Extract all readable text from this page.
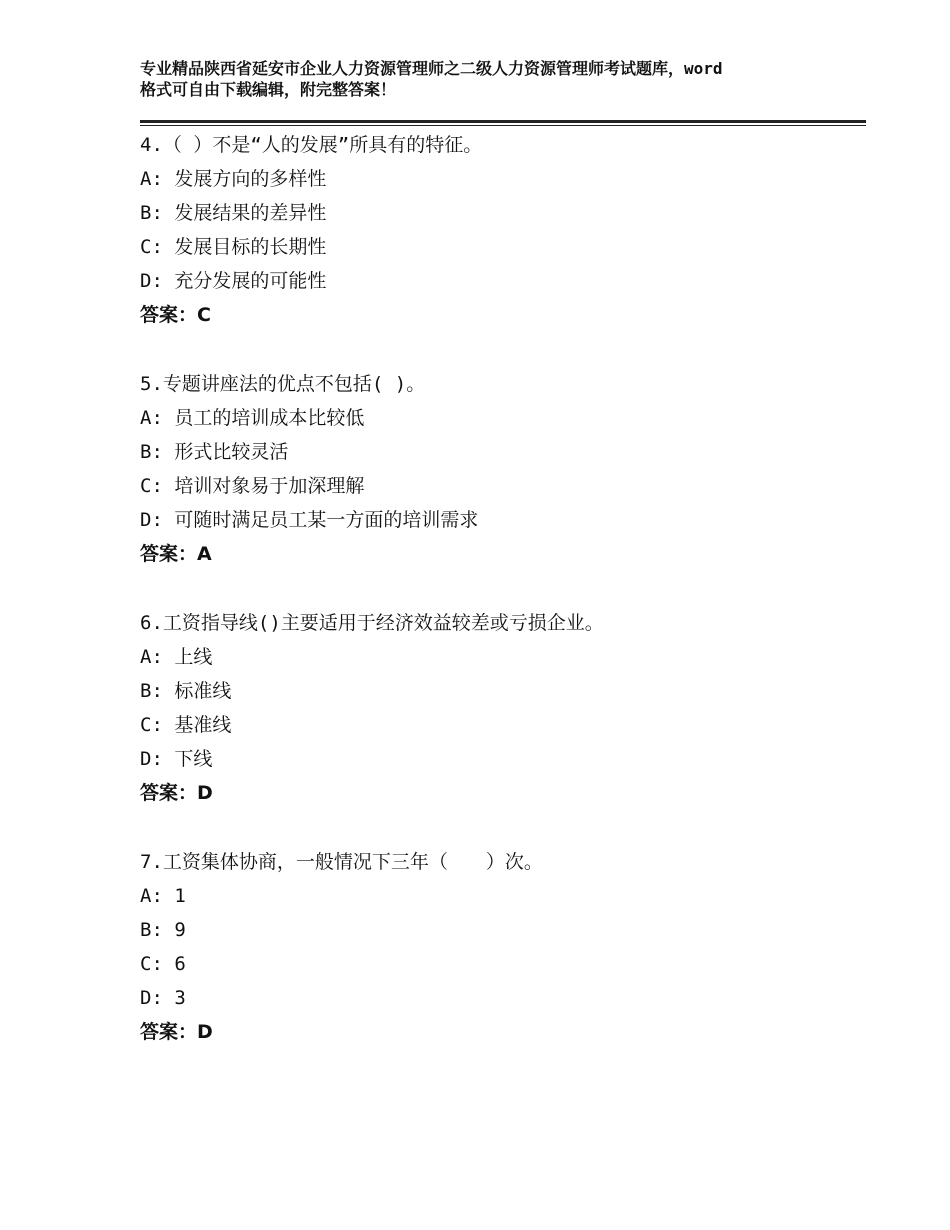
专业精品陕西省延安市企业人力资源管理师之二级人力资源管理师考试题库，word
格式可自由下载编辑，附完整答案！
4.（ ）不是“人的发展”所具有的特征。
A: 发展方向的多样性
B: 发展结果的差异性
C: 发展目标的长期性
D: 充分发展的可能性
答案：C
5.专题讲座法的优点不包括( )。
A: 员工的培训成本比较低
B: 形式比较灵活
C: 培训对象易于加深理解
D: 可随时满足员工某一方面的培训需求
答案：A
6.工资指导线()主要适用于经济效益较差或亏损企业。
A: 上线
B: 标准线
C: 基准线
D: 下线
答案：D
7.工资集体协商，一般情况下三年（　　）次。
A: 1
B: 9
C: 6
D: 3
答案：D
